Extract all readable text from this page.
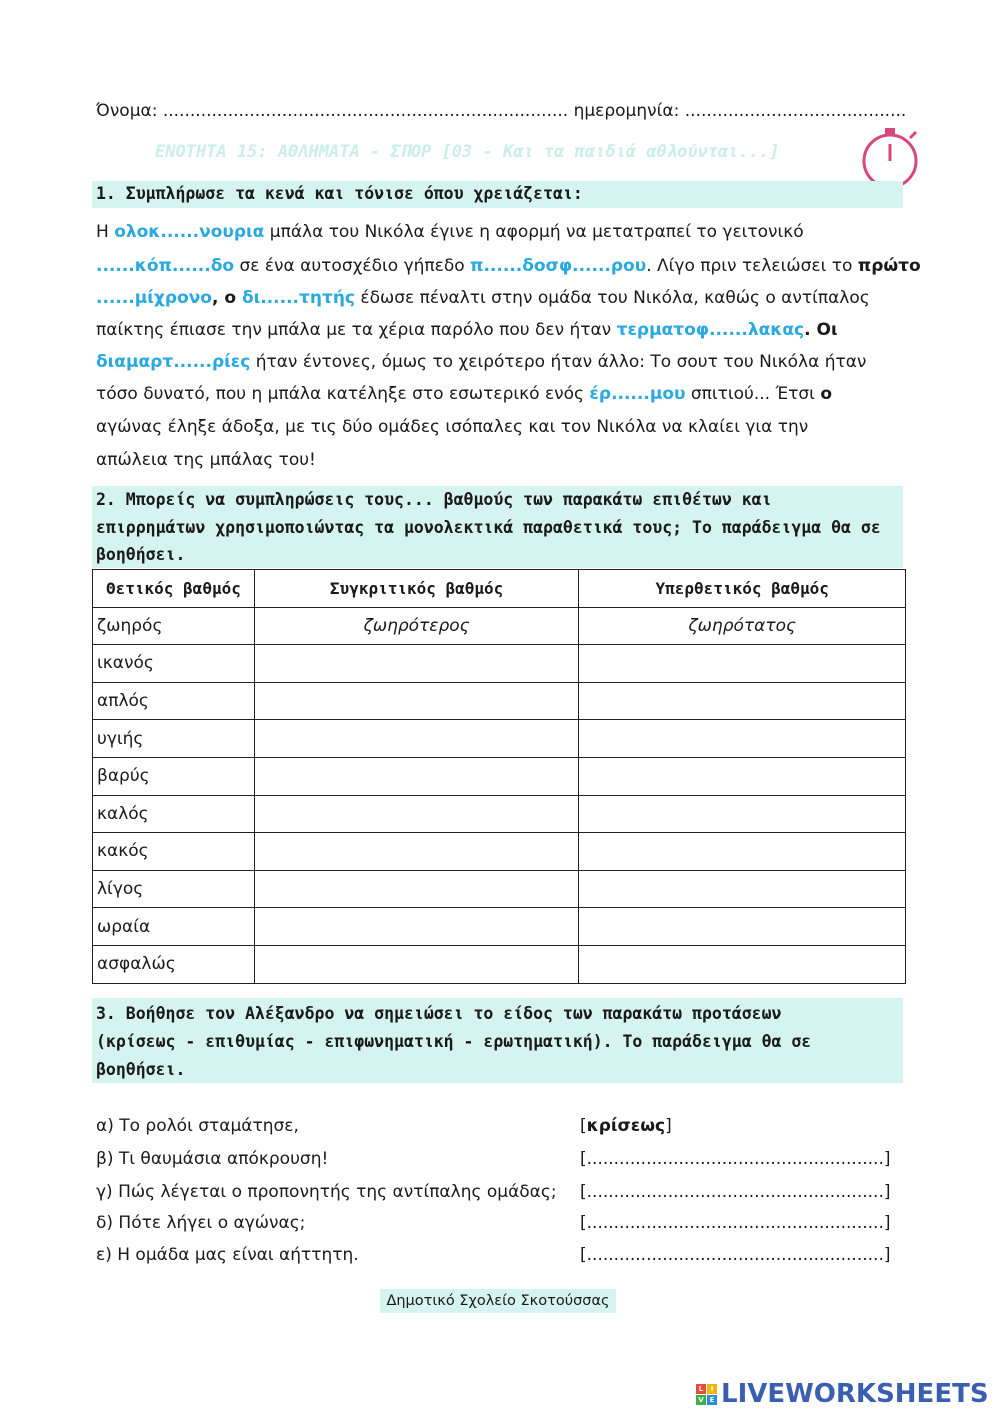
Όνομα: ........................................................................... ημερομηνία: .........................................
ΕΝΟΤΗΤΑ 15: ΑΘΛΗΜΑΤΑ - ΣΠΟΡ [03 - Και τα παιδιά αθλούνται...]
1. Συμπλήρωσε τα κενά και τόνισε όπου χρειάζεται:
Η ολοκ......νουρια μπάλα του Νικόλα έγινε η αφορμή να μετατραπεί το γειτονικό
......κόπ......δο σε ένα αυτοσχέδιο γήπεδο π......δοσφ......ρου. Λίγο πριν τελειώσει το πρώτο
......μίχρονο, ο δι......τητής έδωσε πέναλτι στην ομάδα του Νικόλα, καθώς ο αντίπαλος
παίκτης έπιασε την μπάλα με τα χέρια παρόλο που δεν ήταν τερματοφ......λακας. Οι
διαμαρτ......ρίες ήταν έντονες, όμως το χειρότερο ήταν άλλο: Το σουτ του Νικόλα ήταν
τόσο δυνατό, που η μπάλα κατέληξε στο εσωτερικό ενός έρ......μου σπιτιού... Έτσι ο
αγώνας έληξε άδοξα, με τις δύο ομάδες ισόπαλες και τον Νικόλα να κλαίει για την
απώλεια της μπάλας του!
2. Μπορείς να συμπληρώσεις τους... βαθμούς των παρακάτω επιθέτων και
επιρρημάτων χρησιμοποιώντας τα μονολεκτικά παραθετικά τους; Το παράδειγμα θα σε
βοηθήσει.
Θετικός βαθμός	Συγκριτικός βαθμός	Υπερθετικός βαθμός
ζωηρός	ζωηρότερος	ζωηρότατος
ικανός		
απλός		
υγιής		
βαρύς		
καλός		
κακός		
λίγος		
ωραία		
ασφαλώς		
3. Βοήθησε τον Αλέξανδρο να σημειώσει το είδος των παρακάτω προτάσεων
(κρίσεως - επιθυμίας - επιφωνηματική - ερωτηματική). Το παράδειγμα θα σε
βοηθήσει.
α) Το ρολόι σταμάτησε,	[κρίσεως]
β) Τι θαυμάσια απόκρουση!	[.......................................................]
γ) Πώς λέγεται ο προπονητής της αντίπαλης ομάδας; [.......................................................]
δ) Πότε λήγει ο αγώνας;	[.......................................................]
ε) Η ομάδα μας είναι αήττητη.	[.......................................................]
Δημοτικό Σχολείο Σκοτούσσας
L	I
V E LIVEWORKSHEETS
